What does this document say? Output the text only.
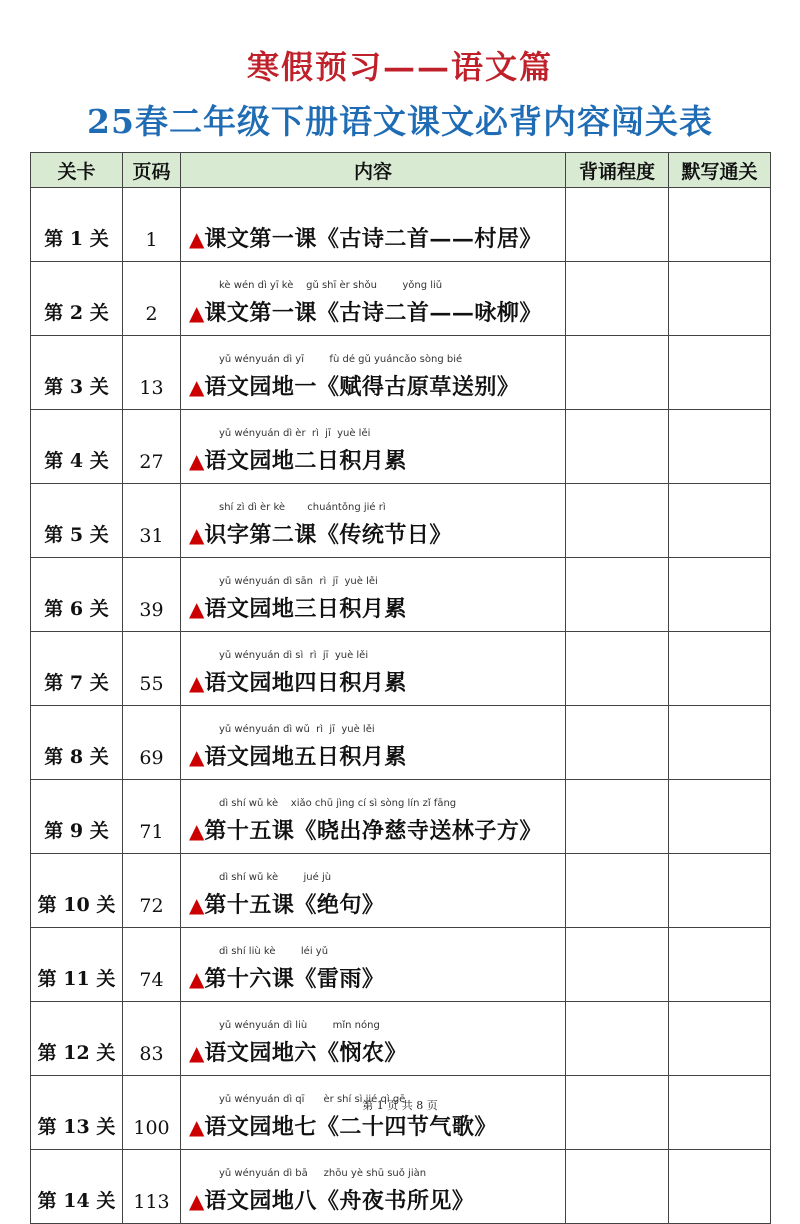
寒假预习——语文篇
25春二年级下册语文课文必背内容闯关表
关卡	页码	内容	背诵程度	默写通关
第 1 关	1	▲课文第一课《古诗二首——村居》		
第 2 关	2	kè wén dì yī kè    gǔ shī èr shǒu        yǒng liǔ
▲课文第一课《古诗二首——咏柳》		
第 3 关	13	yǔ wényuán dì yī        fù dé gǔ yuáncǎo sòng bié
▲语文园地一《赋得古原草送别》		
第 4 关	27	yǔ wényuán dì èr  rì  jī  yuè lěi
▲语文园地二日积月累		
第 5 关	31	shí zì dì èr kè       chuántǒng jié rì
▲识字第二课《传统节日》		
第 6 关	39	yǔ wényuán dì sān  rì  jī  yuè lěi
▲语文园地三日积月累		
第 7 关	55	yǔ wényuán dì sì  rì  jī  yuè lěi
▲语文园地四日积月累		
第 8 关	69	yǔ wényuán dì wǔ  rì  jī  yuè lěi
▲语文园地五日积月累		
第 9 关	71	dì shí wǔ kè    xiǎo chū jìng cí sì sòng lín zǐ fāng
▲第十五课《晓出净慈寺送林子方》		
第 10 关	72	dì shí wǔ kè        jué jù
▲第十五课《绝句》		
第 11 关	74	dì shí liù kè        léi yǔ
▲第十六课《雷雨》		
第 12 关	83	yǔ wényuán dì liù        mǐn nóng
▲语文园地六《悯农》		
第 13 关	100	yǔ wényuán dì qī      èr shí sì jié qì gē
▲语文园地七《二十四节气歌》		
第 14 关	113	yǔ wényuán dì bā     zhōu yè shū suǒ jiàn
▲语文园地八《舟夜书所见》		
第 1 页 共 8 页
